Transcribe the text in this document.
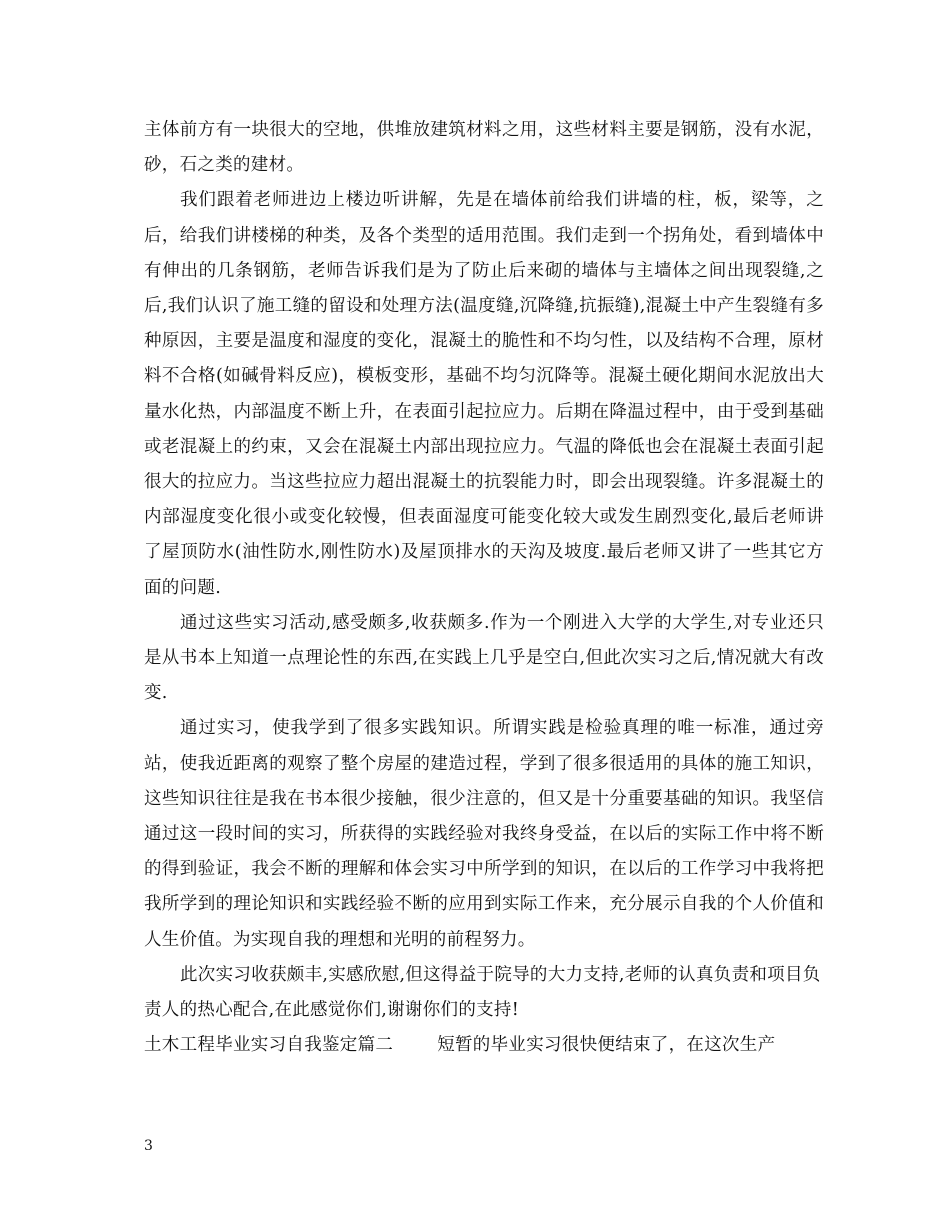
主体前方有一块很大的空地，供堆放建筑材料之用，这些材料主要是钢筋，没有水泥，砂，石之类的建材。

我们跟着老师进边上楼边听讲解，先是在墙体前给我们讲墙的柱，板，梁等，之后，给我们讲楼梯的种类，及各个类型的适用范围。我们走到一个拐角处，看到墙体中有伸出的几条钢筋，老师告诉我们是为了防止后来砌的墙体与主墙体之间出现裂缝,之后,我们认识了施工缝的留设和处理方法(温度缝,沉降缝,抗振缝),混凝土中产生裂缝有多种原因，主要是温度和湿度的变化，混凝土的脆性和不均匀性，以及结构不合理，原材料不合格(如碱骨料反应)，模板变形，基础不均匀沉降等。混凝土硬化期间水泥放出大量水化热，内部温度不断上升，在表面引起拉应力。后期在降温过程中，由于受到基础或老混凝上的约束，又会在混凝土内部出现拉应力。气温的降低也会在混凝土表面引起很大的拉应力。当这些拉应力超出混凝土的抗裂能力时，即会出现裂缝。许多混凝土的内部湿度变化很小或变化较慢，但表面湿度可能变化较大或发生剧烈变化,最后老师讲了屋顶防水(油性防水,刚性防水)及屋顶排水的天沟及坡度.最后老师又讲了一些其它方面的问题.

通过这些实习活动,感受颇多,收获颇多.作为一个刚进入大学的大学生,对专业还只是从书本上知道一点理论性的东西,在实践上几乎是空白,但此次实习之后,情况就大有改变.

通过实习，使我学到了很多实践知识。所谓实践是检验真理的唯一标准，通过旁站，使我近距离的观察了整个房屋的建造过程，学到了很多很适用的具体的施工知识，这些知识往往是我在书本很少接触，很少注意的，但又是十分重要基础的知识。我坚信通过这一段时间的实习，所获得的实践经验对我终身受益，在以后的实际工作中将不断的得到验证，我会不断的理解和体会实习中所学到的知识，在以后的工作学习中我将把我所学到的理论知识和实践经验不断的应用到实际工作来，充分展示自我的个人价值和人生价值。为实现自我的理想和光明的前程努力。

此次实习收获颇丰,实感欣慰,但这得益于院导的大力支持,老师的认真负责和项目负责人的热心配合,在此感觉你们,谢谢你们的支持!

土木工程毕业实习自我鉴定篇二	短暂的毕业实习很快便结束了，在这次生产

3
